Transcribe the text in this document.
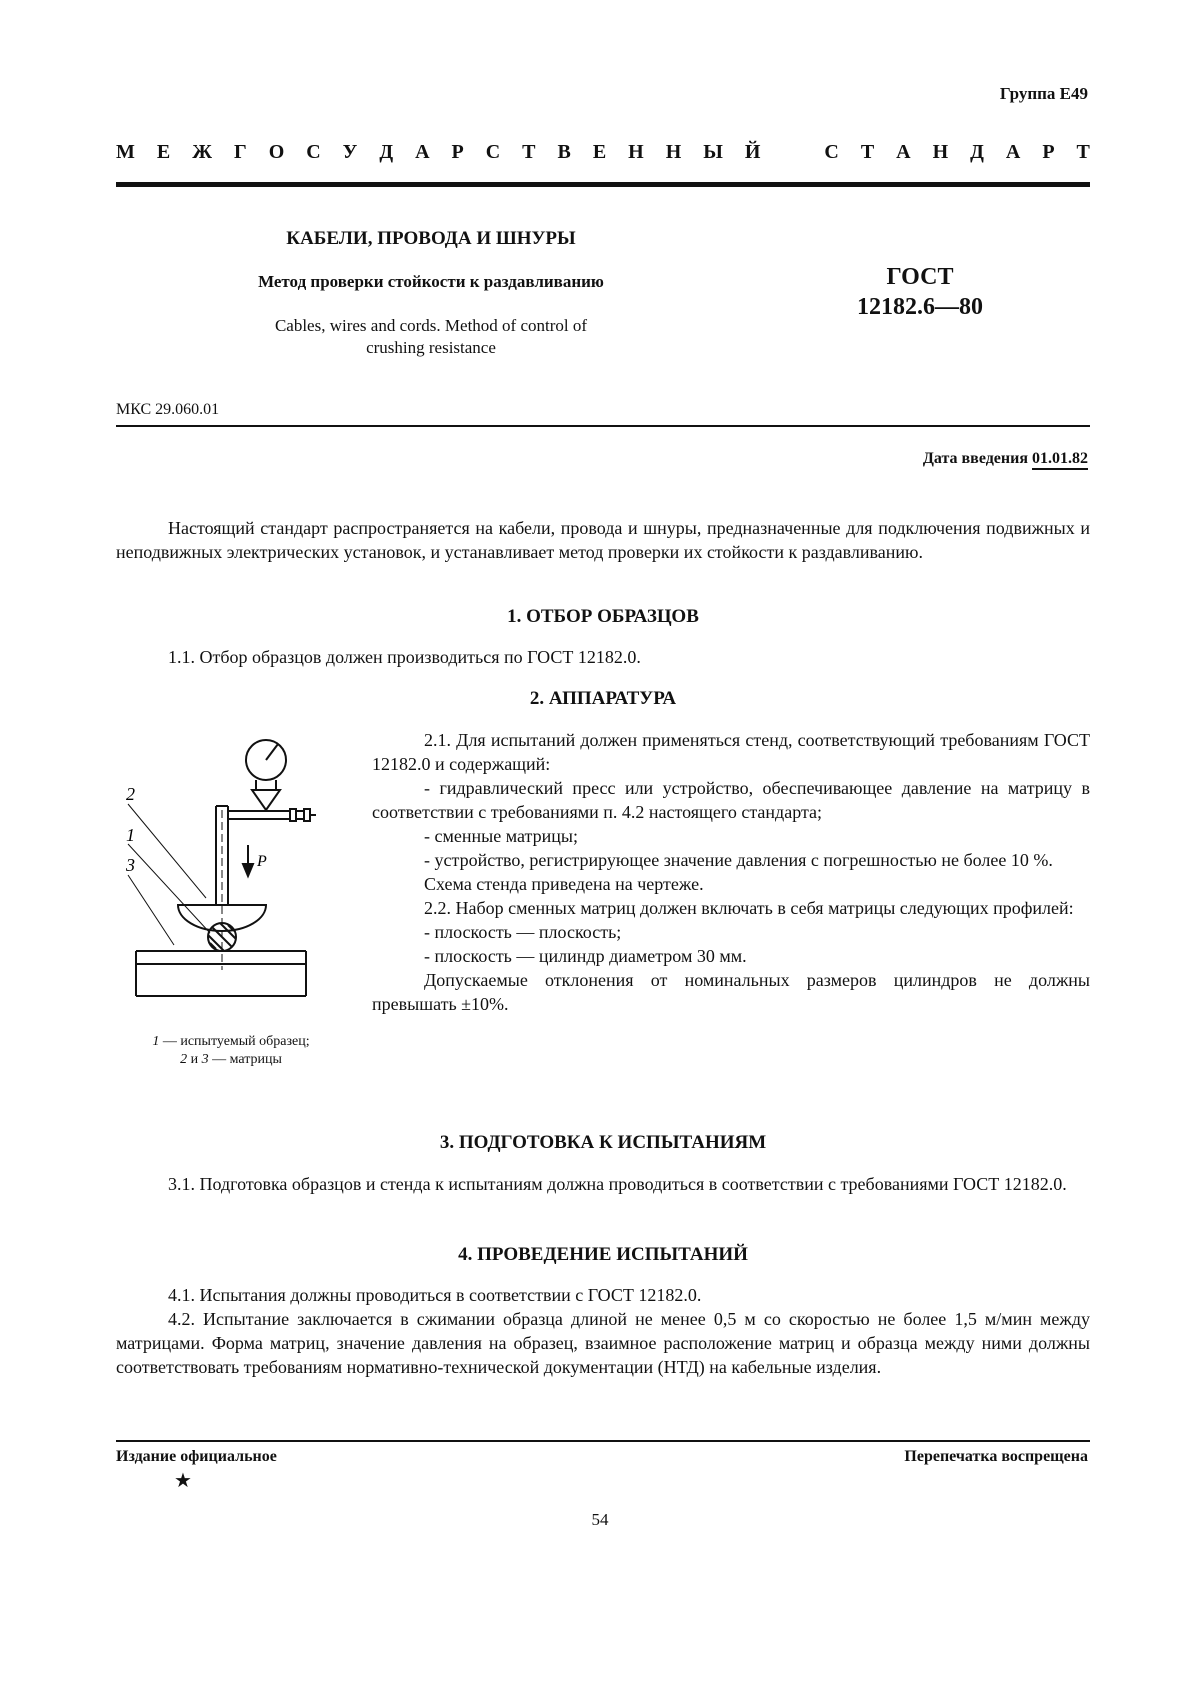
Группа Е49
М Е Ж Г О С У Д А Р С Т В Е Н Н Ы Й	С Т А Н Д А Р Т
КАБЕЛИ, ПРОВОДА И ШНУРЫ
Метод проверки стойкости к раздавливанию
Cables, wires and cords. Method of control of
crushing resistance
ГОСТ
12182.6—80
МКС 29.060.01
Дата введения 01.01.82
Настоящий стандарт распространяется на кабели, провода и шнуры, предназначенные для подключения подвижных и неподвижных электрических установок, и устанавливает метод проверки их стойкости к раздавливанию.
1. ОТБОР ОБРАЗЦОВ
1.1. Отбор образцов должен производиться по ГОСТ 12182.0.
2. АППАРАТУРА

2.1. Для испытаний должен применяться стенд, соответствующий требованиям ГОСТ 12182.0 и содержащий:

- гидравлический пресс или устройство, обеспечивающее давление на матрицу в соответствии с требованиями п. 4.2 настоящего стандарта;

- сменные матрицы;

- устройство, регистрирующее значение давления с погрешностью не более 10 %.

Схема стенда приведена на чертеже.

2.2. Набор сменных матриц должен включать в себя матрицы следующих профилей:

- плоскость — плоскость;

- плоскость — цилиндр диаметром 30 мм.

Допускаемые отклонения от номинальных размеров цилиндров не должны превышать ±10%.

2
1
3	P
1 — испытуемый образец;
2 и 3 — матрицы
3. ПОДГОТОВКА К ИСПЫТАНИЯМ
3.1. Подготовка образцов и стенда к испытаниям должна проводиться в соответствии с требованиями ГОСТ 12182.0.
4. ПРОВЕДЕНИЕ ИСПЫТАНИЙ

4.1. Испытания должны проводиться в соответствии с ГОСТ 12182.0.

4.2. Испытание заключается в сжимании образца длиной не менее 0,5 м со скоростью не более 1,5 м/мин между матрицами. Форма матриц, значение давления на образец, взаимное расположение матриц и образца между ними должны соответствовать требованиям нормативно-технической документации (НТД) на кабельные изделия.

Издание официальное
★
Перепечатка воспрещена
54
